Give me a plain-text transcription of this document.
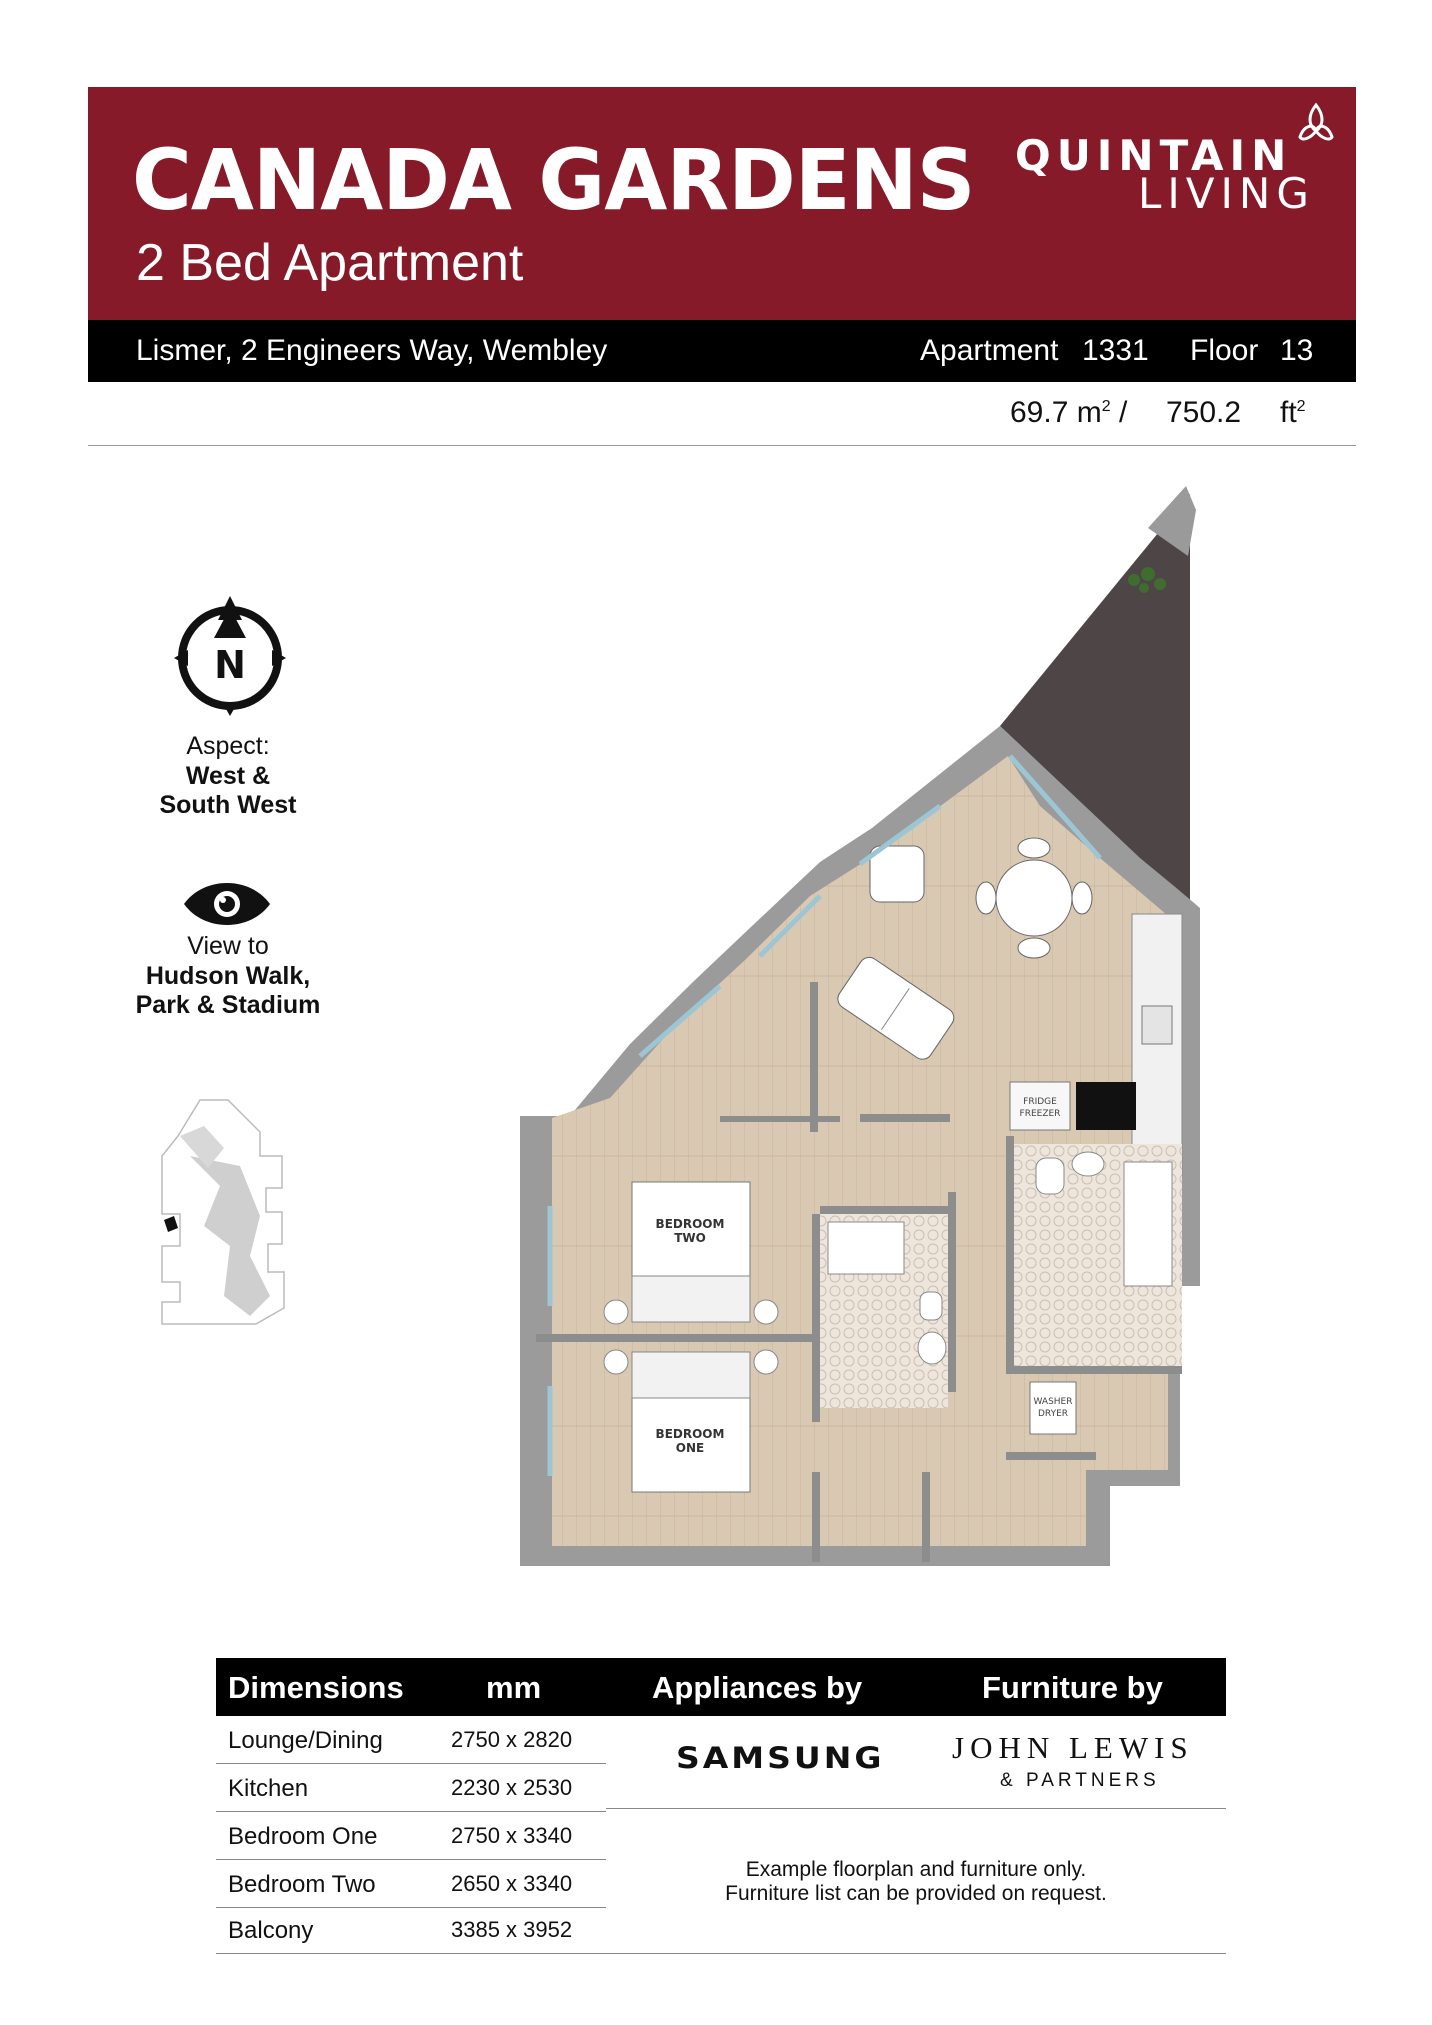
CANADA GARDENS
2 Bed Apartment
QUINTAIN
LIVING
Lismer, 2 Engineers Way, Wembley	Apartment 1331 Floor 13
69.7 $m^2 / 750.2$ $ft^2$
N
Aspect:
West &
South West
View to
Hudson Walk,
Park & Stadium
FRIDGE
FREEZER
WASHER
DRYER
BEDROOM
TWO
BEDROOM
ONE
Dimensions	mm	Appliances by	Furniture by
Lounge/Dining	2750 x 2820
Kitchen	2230 x 2530
Bedroom One	2750 x 3340
Bedroom Two	2650 x 3340
Balcony	3385 x 3952
SAMSUNG JOHN LEWIS
& PARTNERS
Example floorplan and furniture only.
Furniture list can be provided on request.
